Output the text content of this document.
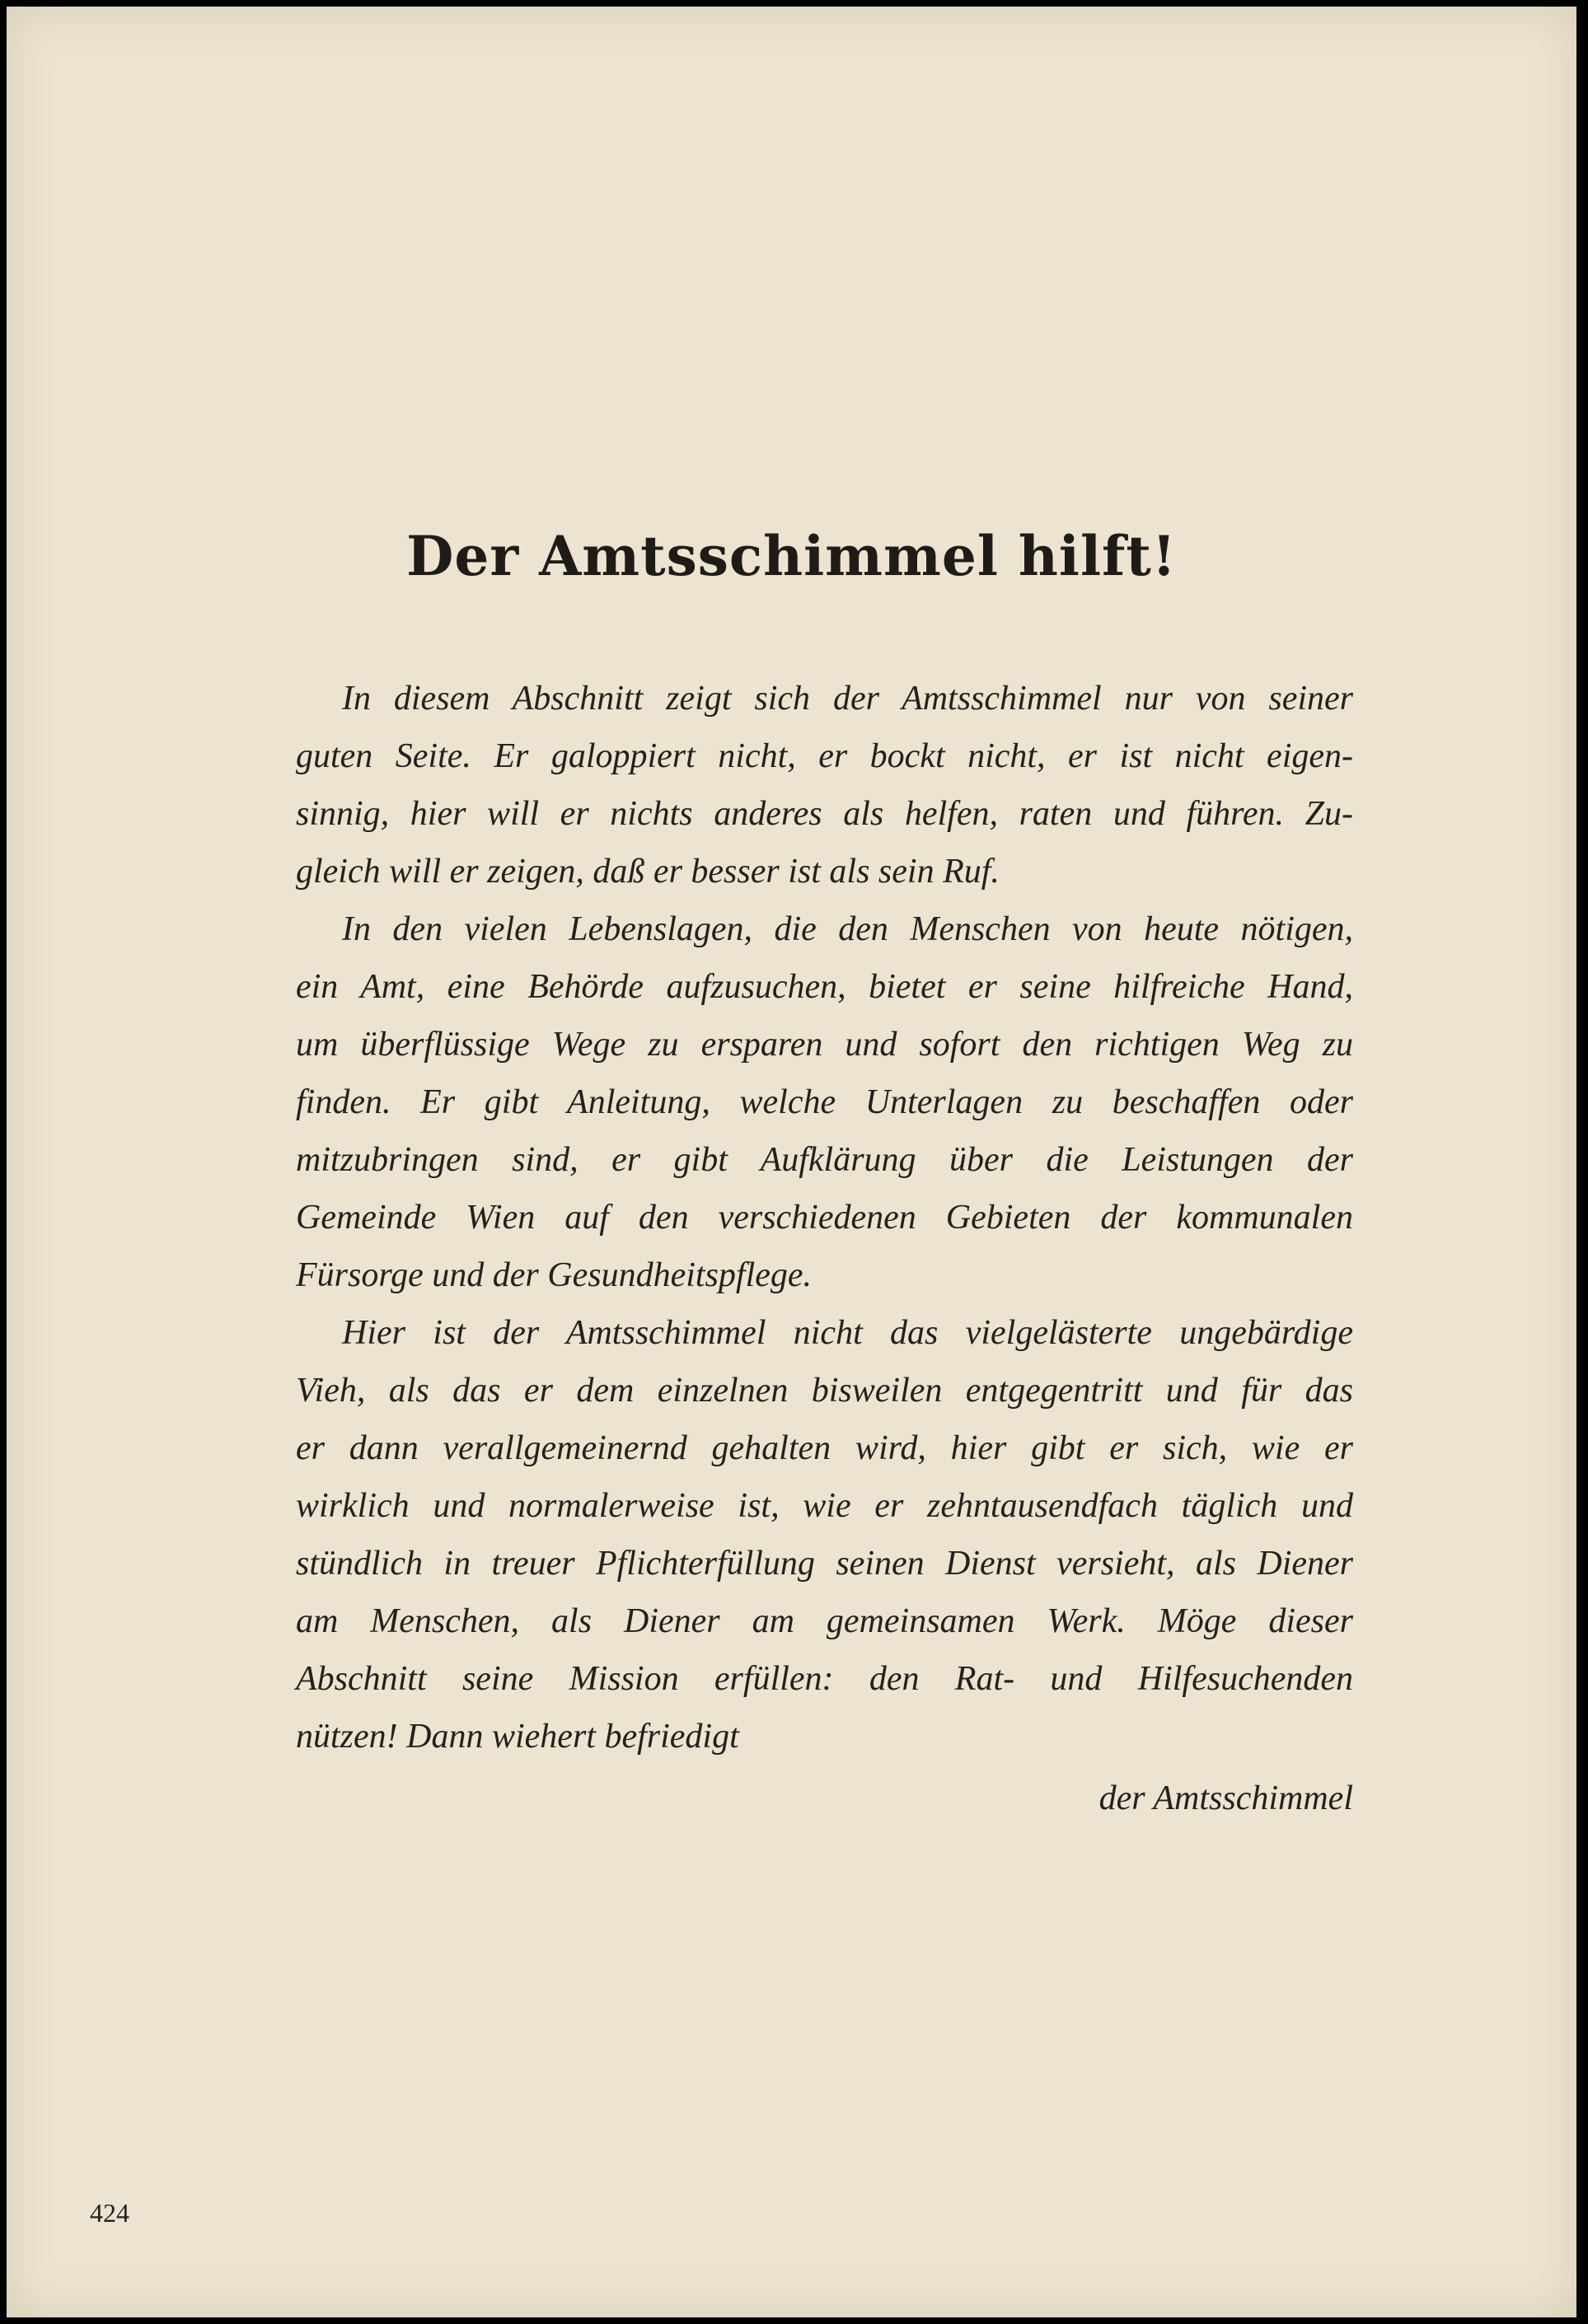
Der Amtsschimmel hilft!
In diesem Abschnitt zeigt sich der Amtsschimmel nur von seiner
guten Seite. Er galoppiert nicht, er bockt nicht, er ist nicht eigen-
sinnig, hier will er nichts anderes als helfen, raten und führen. Zu-
gleich will er zeigen, daß er besser ist als sein Ruf.
In den vielen Lebenslagen, die den Menschen von heute nötigen,
ein Amt, eine Behörde aufzusuchen, bietet er seine hilfreiche Hand,
um überflüssige Wege zu ersparen und sofort den richtigen Weg zu
finden. Er gibt Anleitung, welche Unterlagen zu beschaffen oder
mitzubringen sind, er gibt Aufklärung über die Leistungen der
Gemeinde Wien auf den verschiedenen Gebieten der kommunalen
Fürsorge und der Gesundheitspflege.
Hier ist der Amtsschimmel nicht das vielgelästerte ungebärdige
Vieh, als das er dem einzelnen bisweilen entgegentritt und für das
er dann verallgemeinernd gehalten wird, hier gibt er sich, wie er
wirklich und normalerweise ist, wie er zehntausendfach täglich und
stündlich in treuer Pflichterfüllung seinen Dienst versieht, als Diener
am Menschen, als Diener am gemeinsamen Werk. Möge dieser
Abschnitt seine Mission erfüllen: den Rat- und Hilfesuchenden
nützen! Dann wiehert befriedigt
der Amtsschimmel
424
